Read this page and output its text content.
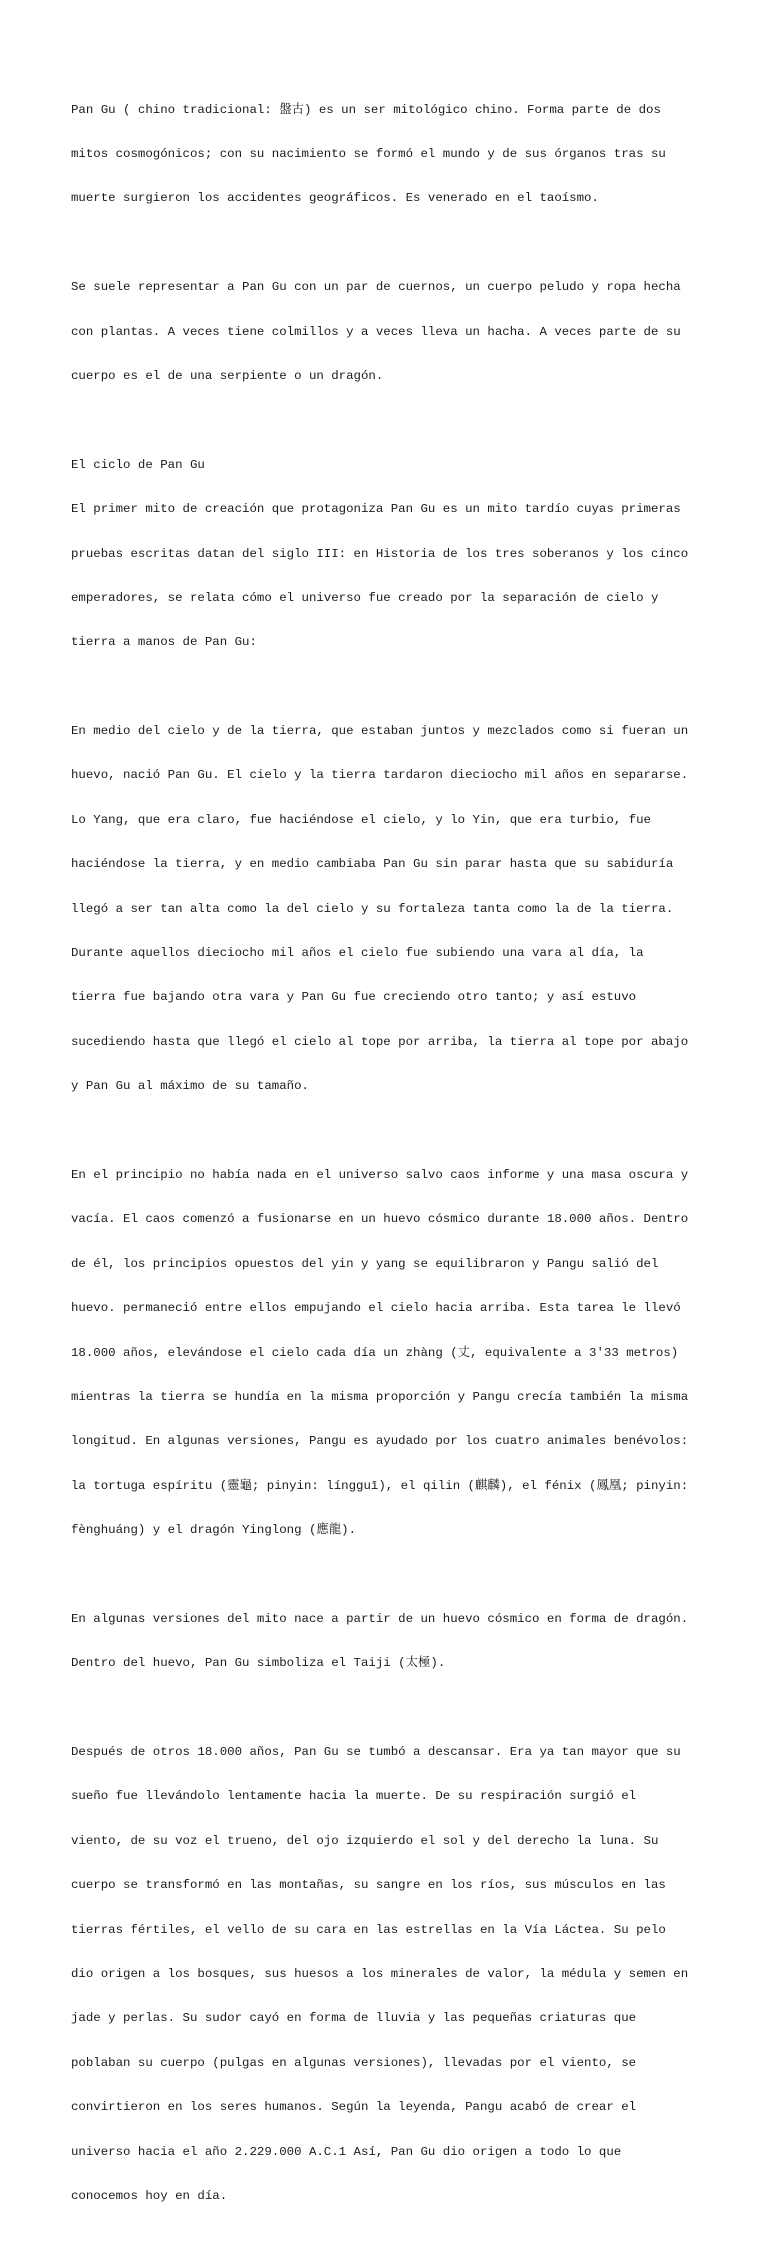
Pan Gu ( chino tradicional: 盤古) es un ser mitológico chino. Forma parte de dos

mitos cosmogónicos; con su nacimiento se formó el mundo y de sus órganos tras su

muerte surgieron los accidentes geográficos. Es venerado en el taoísmo.

Se suele representar a Pan Gu con un par de cuernos, un cuerpo peludo y ropa hecha

con plantas. A veces tiene colmillos y a veces lleva un hacha. A veces parte de su

cuerpo es el de una serpiente o un dragón.

El ciclo de Pan Gu

El primer mito de creación que protagoniza Pan Gu es un mito tardío cuyas primeras

pruebas escritas datan del siglo III: en Historia de los tres soberanos y los cinco

emperadores, se relata cómo el universo fue creado por la separación de cielo y

tierra a manos de Pan Gu:

En medio del cielo y de la tierra, que estaban juntos y mezclados como si fueran un

huevo, nació Pan Gu. El cielo y la tierra tardaron dieciocho mil años en separarse.

Lo Yang, que era claro, fue haciéndose el cielo, y lo Yin, que era turbio, fue

haciéndose la tierra, y en medio cambiaba Pan Gu sin parar hasta que su sabiduría

llegó a ser tan alta como la del cielo y su fortaleza tanta como la de la tierra.

Durante aquellos dieciocho mil años el cielo fue subiendo una vara al día, la

tierra fue bajando otra vara y Pan Gu fue creciendo otro tanto; y así estuvo

sucediendo hasta que llegó el cielo al tope por arriba, la tierra al tope por abajo

y Pan Gu al máximo de su tamaño.

En el principio no había nada en el universo salvo caos informe y una masa oscura y

vacía. El caos comenzó a fusionarse en un huevo cósmico durante 18.000 años. Dentro

de él, los principios opuestos del yin y yang se equilibraron y Pangu salió del

huevo. permaneció entre ellos empujando el cielo hacia arriba. Esta tarea le llevó

18.000 años, elevándose el cielo cada día un zhàng (丈, equivalente a 3'33 metros)

mientras la tierra se hundía en la misma proporción y Pangu crecía también la misma

longitud. En algunas versiones, Pangu es ayudado por los cuatro animales benévolos:

la tortuga espíritu (靈龜; pinyin: língguī), el qilin (麒麟), el fénix (鳳凰; pinyin:

fènghuáng) y el dragón Yinglong (應龍).

En algunas versiones del mito nace a partir de un huevo cósmico en forma de dragón.

Dentro del huevo, Pan Gu simboliza el Taiji (太極).

Después de otros 18.000 años, Pan Gu se tumbó a descansar. Era ya tan mayor que su

sueño fue llevándolo lentamente hacia la muerte. De su respiración surgió el

viento, de su voz el trueno, del ojo izquierdo el sol y del derecho la luna. Su

cuerpo se transformó en las montañas, su sangre en los ríos, sus músculos en las

tierras fértiles, el vello de su cara en las estrellas en la Vía Láctea. Su pelo

dio origen a los bosques, sus huesos a los minerales de valor, la médula y semen en

jade y perlas. Su sudor cayó en forma de lluvia y las pequeñas criaturas que

poblaban su cuerpo (pulgas en algunas versiones), llevadas por el viento, se

convirtieron en los seres humanos. Según la leyenda, Pangu acabó de crear el

universo hacia el año 2.229.000 A.C.1 Así, Pan Gu dio origen a todo lo que

conocemos hoy en día.
